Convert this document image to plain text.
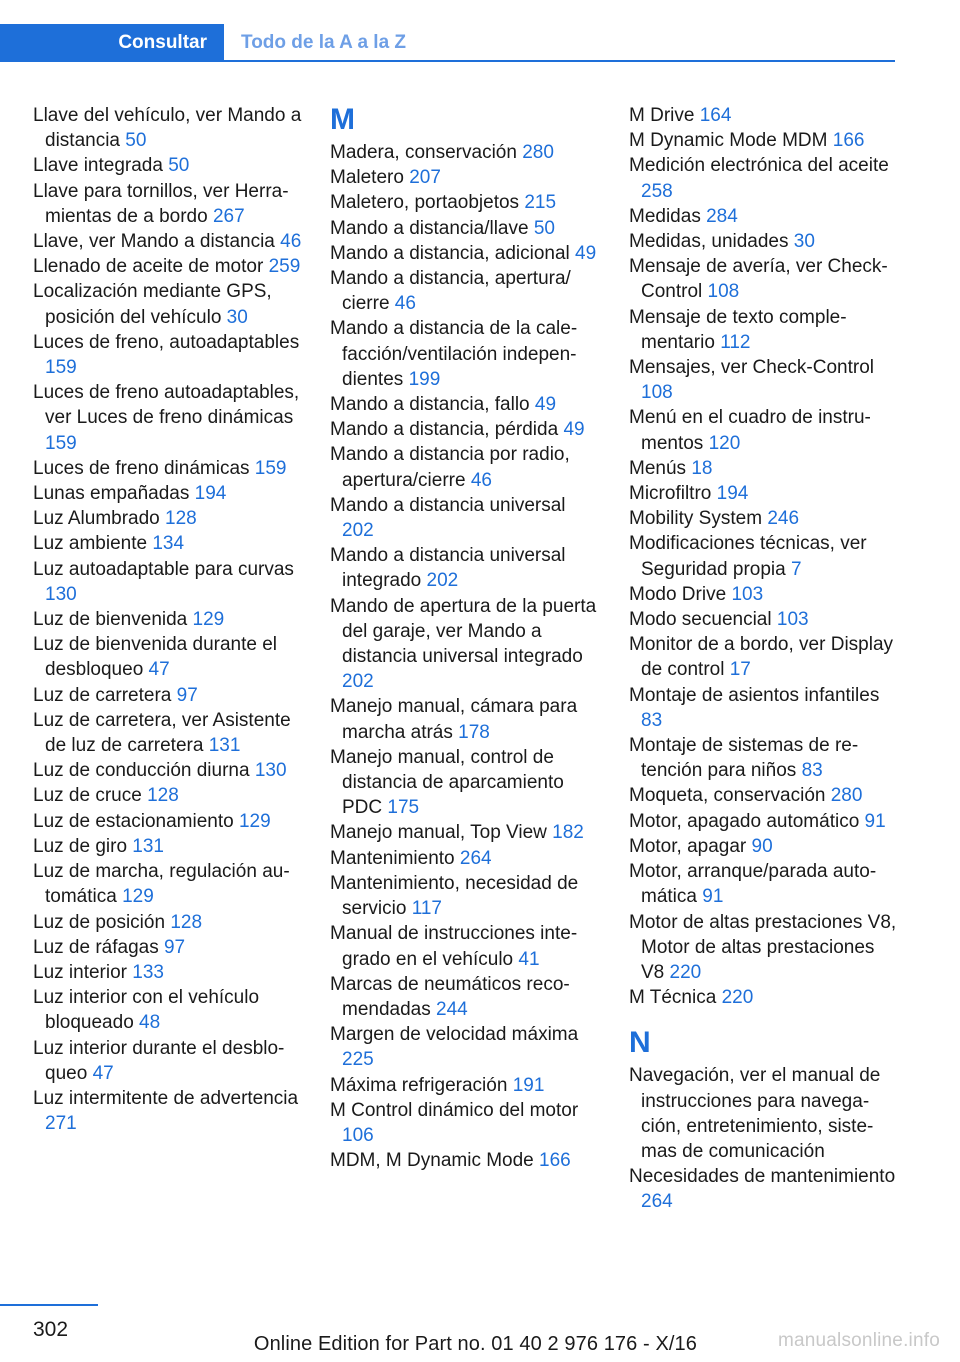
Consultar	Todo de la A a la Z

Llave del vehículo, ver Mando a distancia 50

Llave integrada 50

Llave para tornillos, ver Herramientas de a bordo 267

Llave, ver Mando a distancia 46

Llenado de aceite de motor 259

Localización mediante GPS, posición del vehículo 30

Luces de freno, autoadaptables 159

Luces de freno autoadaptables, ver Luces de freno dinámicas 159

Luces de freno dinámicas 159

Lunas empañadas 194

Luz Alumbrado 128

Luz ambiente 134

Luz autoadaptable para curvas 130

Luz de bienvenida 129

Luz de bienvenida durante el desbloqueo 47

Luz de carretera 97

Luz de carretera, ver Asistente de luz de carretera 131

Luz de conducción diurna 130

Luz de cruce 128

Luz de estacionamiento 129

Luz de giro 131

Luz de marcha, regulación automática 129

Luz de posición 128

Luz de ráfagas 97

Luz interior 133

Luz interior con el vehículo bloqueado 48

Luz interior durante el desbloqueo 47

Luz intermitente de advertencia 271

M

Madera, conservación 280

Maletero 207

Maletero, portaobjetos 215

Mando a distancia/llave 50

Mando a distancia, adicional 49

Mando a distancia, apertura/ cierre 46

Mando a distancia de la calefacción/ventilación independientes 199

Mando a distancia, fallo 49

Mando a distancia, pérdida 49

Mando a distancia por radio, apertura/cierre 46

Mando a distancia universal 202

Mando a distancia universal integrado 202

Mando de apertura de la puerta del garaje, ver Mando a distancia universal integrado 202

Manejo manual, cámara para marcha atrás 178

Manejo manual, control de distancia de aparcamiento PDC 175

Manejo manual, Top View 182

Mantenimiento 264

Mantenimiento, necesidad de servicio 117

Manual de instrucciones integrado en el vehículo 41

Marcas de neumáticos recomendadas 244

Margen de velocidad máxima 225

Máxima refrigeración 191

M Control dinámico del motor 106

MDM, M Dynamic Mode 166

M Drive 164

M Dynamic Mode MDM 166

Medición electrónica del aceite 258

Medidas 284

Medidas, unidades 30

Mensaje de avería, ver Check-Control 108

Mensaje de texto complementario 112

Mensajes, ver Check-Control 108

Menú en el cuadro de instrumentos 120

Menús 18

Microfiltro 194

Mobility System 246

Modificaciones técnicas, ver Seguridad propia 7

Modo Drive 103

Modo secuencial 103

Monitor de a bordo, ver Display de control 17

Montaje de asientos infantiles 83

Montaje de sistemas de retención para niños 83

Moqueta, conservación 280

Motor, apagado automático 91

Motor, apagar 90

Motor, arranque/parada automática 91

Motor de altas prestaciones V8, Motor de altas prestaciones V8 220

M Técnica 220

N

Navegación, ver el manual de instrucciones para navegación, entretenimiento, sistemas de comunicación

Necesidades de mantenimiento 264

302
Online Edition for Part no. 01 40 2 976 176 - X/16	manualsonline.info
